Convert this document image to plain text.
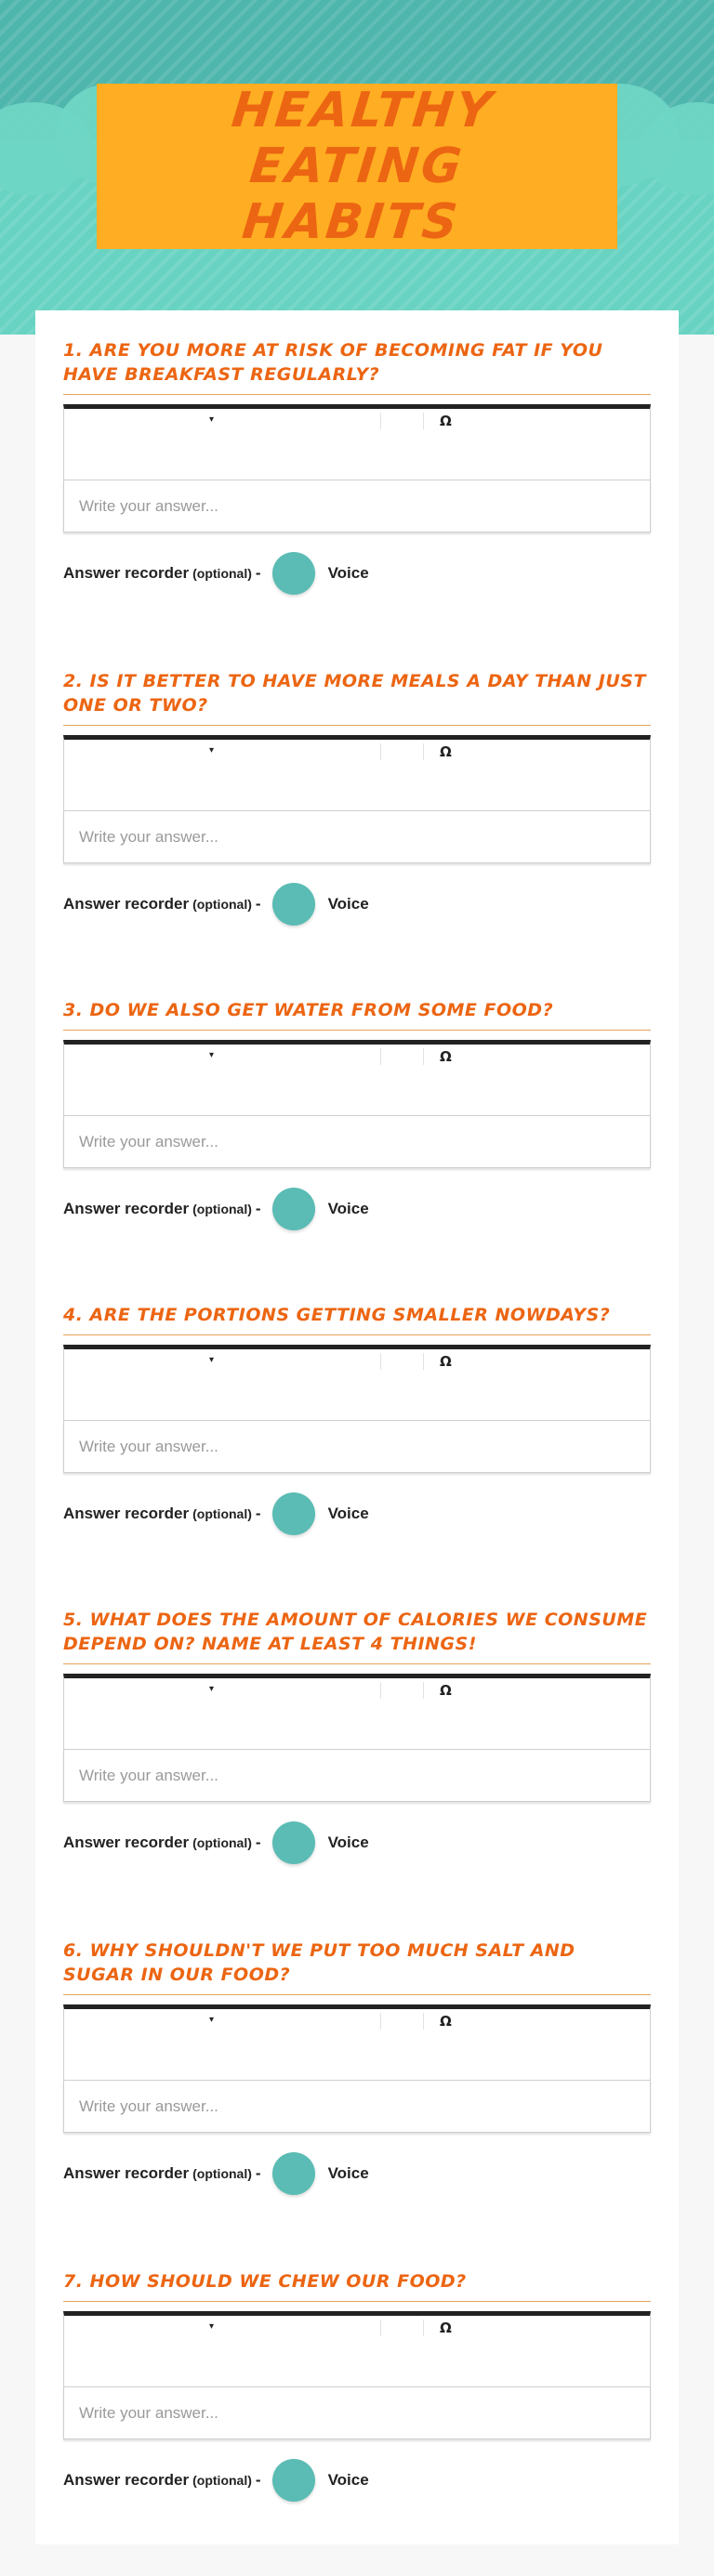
HEALTHY EATING HABITS
1. ARE YOU MORE AT RISK OF BECOMING FAT IF YOU HAVE BREAKFAST REGULARLY?
▾	Ω
Write your answer...
Answer recorder (optional) -	Voice
2. IS IT BETTER TO HAVE MORE MEALS A DAY THAN JUST ONE OR TWO?
▾	Ω
Write your answer...
Answer recorder (optional) -	Voice
3. DO WE ALSO GET WATER FROM SOME FOOD?
▾	Ω
Write your answer...
Answer recorder (optional) -	Voice
4. ARE THE PORTIONS GETTING SMALLER NOWDAYS?
▾	Ω
Write your answer...
Answer recorder (optional) -	Voice
5. WHAT DOES THE AMOUNT OF CALORIES WE CONSUME DEPEND ON? NAME AT LEAST 4 THINGS!
▾	Ω
Write your answer...
Answer recorder (optional) -	Voice
6. WHY SHOULDN'T WE PUT TOO MUCH SALT AND SUGAR IN OUR FOOD?
▾	Ω
Write your answer...
Answer recorder (optional) -	Voice
7. HOW SHOULD WE CHEW OUR FOOD?
▾	Ω
Write your answer...
Answer recorder (optional) -	Voice
